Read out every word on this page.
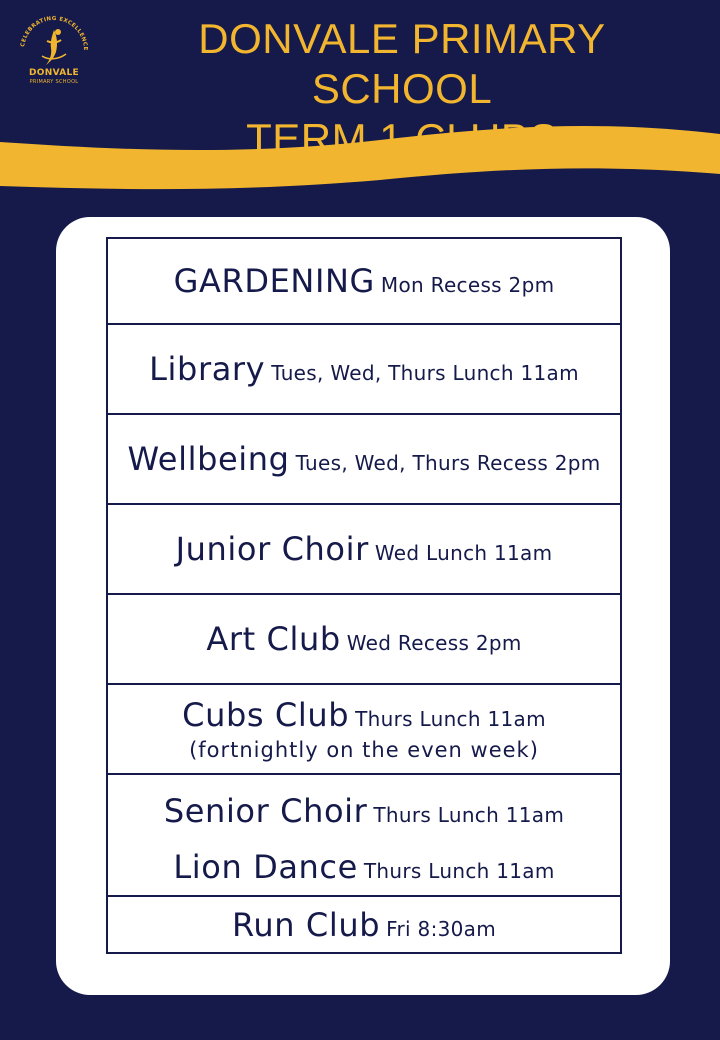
CELEBRATING EXCELLENCE
DONVALE
PRIMARY SCHOOL
DONVALE PRIMARY SCHOOL
TERM 1 CLUBS
GARDENING Mon Recess 2pm
Library Tues, Wed, Thurs Lunch 11am
Wellbeing Tues, Wed, Thurs Recess 2pm
Junior Choir Wed Lunch 11am
Art Club Wed Recess 2pm
Cubs Club Thurs Lunch 11am
(fortnightly on the even week)
Senior Choir Thurs Lunch 11am
Lion Dance Thurs Lunch 11am
Run Club Fri 8:30am
